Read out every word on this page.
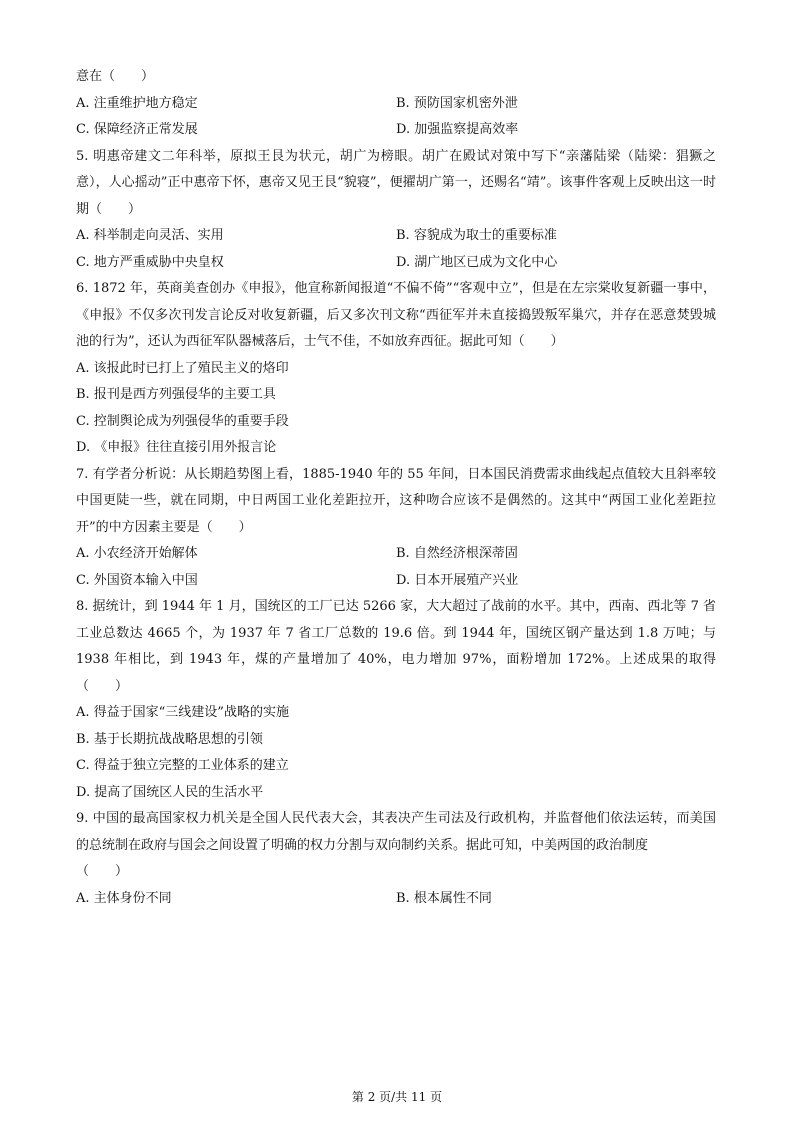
意在（　　）
A. 注重维护地方稳定	B. 预防国家机密外泄
C. 保障经济正常发展	D. 加强监察提高效率
5. 明惠帝建文二年科举，原拟王艮为状元，胡广为榜眼。胡广在殿试对策中写下“亲藩陆梁（陆梁：猖獗之意），人心摇动”正中惠帝下怀，惠帝又见王艮“貌寝”，便擢胡广第一，还赐名“靖”。该事件客观上反映出这一时期（　　）
A. 科举制走向灵活、实用	B. 容貌成为取士的重要标准
C. 地方严重威胁中央皇权	D. 湖广地区已成为文化中心
6. 1872 年，英商美查创办《申报》，他宣称新闻报道“不偏不倚”“客观中立”，但是在左宗棠收复新疆一事中，《申报》不仅多次刊发言论反对收复新疆，后又多次刊文称“西征军并未直接捣毁叛军巢穴，并存在恶意焚毁城池的行为”，还认为西征军队器械落后，士气不佳，不如放弃西征。据此可知（　　）
A. 该报此时已打上了殖民主义的烙印
B. 报刊是西方列强侵华的主要工具
C. 控制舆论成为列强侵华的重要手段
D. 《申报》往往直接引用外报言论
7. 有学者分析说：从长期趋势图上看，1885-1940 年的 55 年间，日本国民消费需求曲线起点值较大且斜率较中国更陡一些，就在同期，中日两国工业化差距拉开，这种吻合应该不是偶然的。这其中“两国工业化差距拉开”的中方因素主要是（　　）
A. 小农经济开始解体	B. 自然经济根深蒂固
C. 外国资本输入中国	D. 日本开展殖产兴业
8. 据统计，到 1944 年 1 月，国统区的工厂已达 5266 家，大大超过了战前的水平。其中，西南、西北等 7 省工业总数达 4665 个，为 1937 年 7 省工厂总数的 19.6 倍。到 1944 年，国统区钢产量达到 1.8 万吨；与 1938 年相比，到 1943 年，煤的产量增加了 40%，电力增加 97%，面粉增加 172%。上述成果的取得（　　）
A. 得益于国家“三线建设”战略的实施
B. 基于长期抗战战略思想的引领
C. 得益于独立完整的工业体系的建立
D. 提高了国统区人民的生活水平
9. 中国的最高国家权力机关是全国人民代表大会，其表决产生司法及行政机构，并监督他们依法运转，而美国的总统制在政府与国会之间设置了明确的权力分割与双向制约关系。据此可知，中美两国的政治制度
（　　）
A. 主体身份不同	B. 根本属性不同
第 2 页/共 11 页
